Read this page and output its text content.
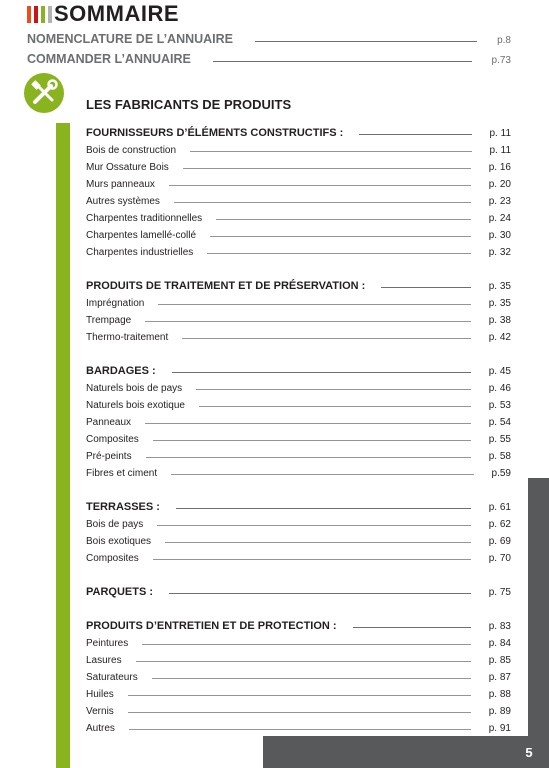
SOMMAIRE
NOMENCLATURE DE L’ANNUAIRE	p.8
COMMANDER L’ANNUAIRE	p.73
LES FABRICANTS DE PRODUITS
5
FOURNISSEURS D’ÉLÉMENTS CONSTRUCTIFS :	p. 11
Bois de construction	p. 11
Mur Ossature Bois	p. 16
Murs panneaux	p. 20
Autres systèmes	p. 23
Charpentes traditionnelles	p. 24
Charpentes lamellé-collé	p. 30
Charpentes industrielles	p. 32
PRODUITS DE TRAITEMENT ET DE PRÉSERVATION :	p. 35
Imprégnation	p. 35
Trempage	p. 38
Thermo-traitement	p. 42
BARDAGES :	p. 45
Naturels bois de pays	p. 46
Naturels bois exotique	p. 53
Panneaux	p. 54
Composites	p. 55
Pré-peints	p. 58
Fibres et ciment	p.59
TERRASSES :	p. 61
Bois de pays	p. 62
Bois exotiques	p. 69
Composites	p. 70
PARQUETS :	p. 75
PRODUITS D’ENTRETIEN ET DE PROTECTION :	p. 83
Peintures	p. 84
Lasures	p. 85
Saturateurs	p. 87
Huiles	p. 88
Vernis	p. 89
Autres	p. 91
